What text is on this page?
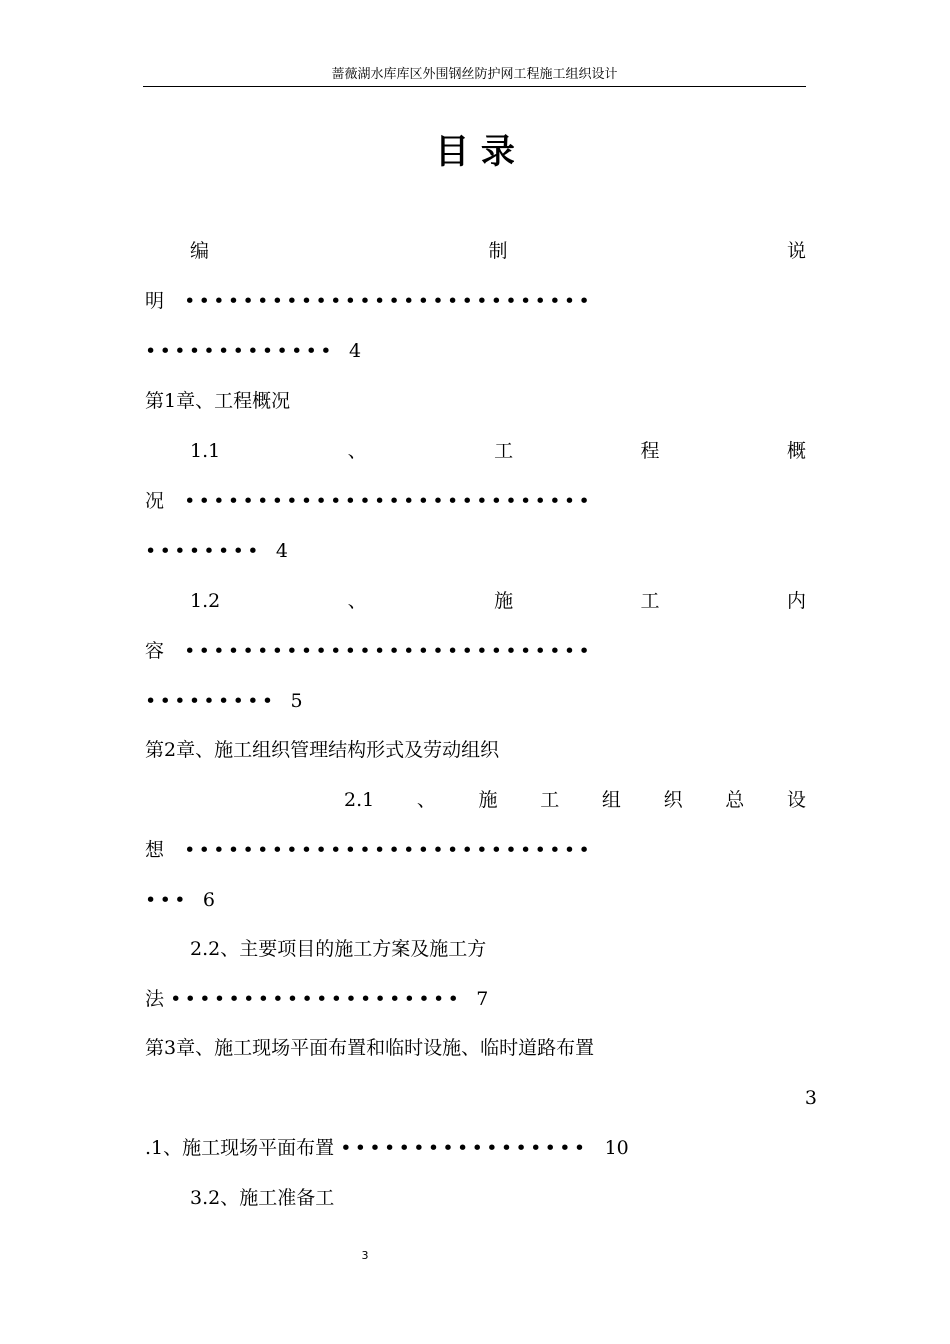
蔷薇湖水库库区外围钢丝防护网工程施工组织设计
目 录
编	制	说
明 ••••••••••••••••••••••••••••
••••••••••••• 4
第1章、工程概况
1.1	、	工	程	概
况 ••••••••••••••••••••••••••••
•••••••• 4
1.2	、	施	工	内
容 ••••••••••••••••••••••••••••
••••••••• 5
第2章、施工组织管理结构形式及劳动组织
2.1 、 施 工 组 织 总 设
想 ••••••••••••••••••••••••••••
••• 6
2.2、主要项目的施工方案及施工方
法 •••••••••••••••••••• 7
第3章、施工现场平面布置和临时设施、临时道路布置
3
.1、施工现场平面布置 ••••••••••••••••• 10
3.2、施工准备工
3
